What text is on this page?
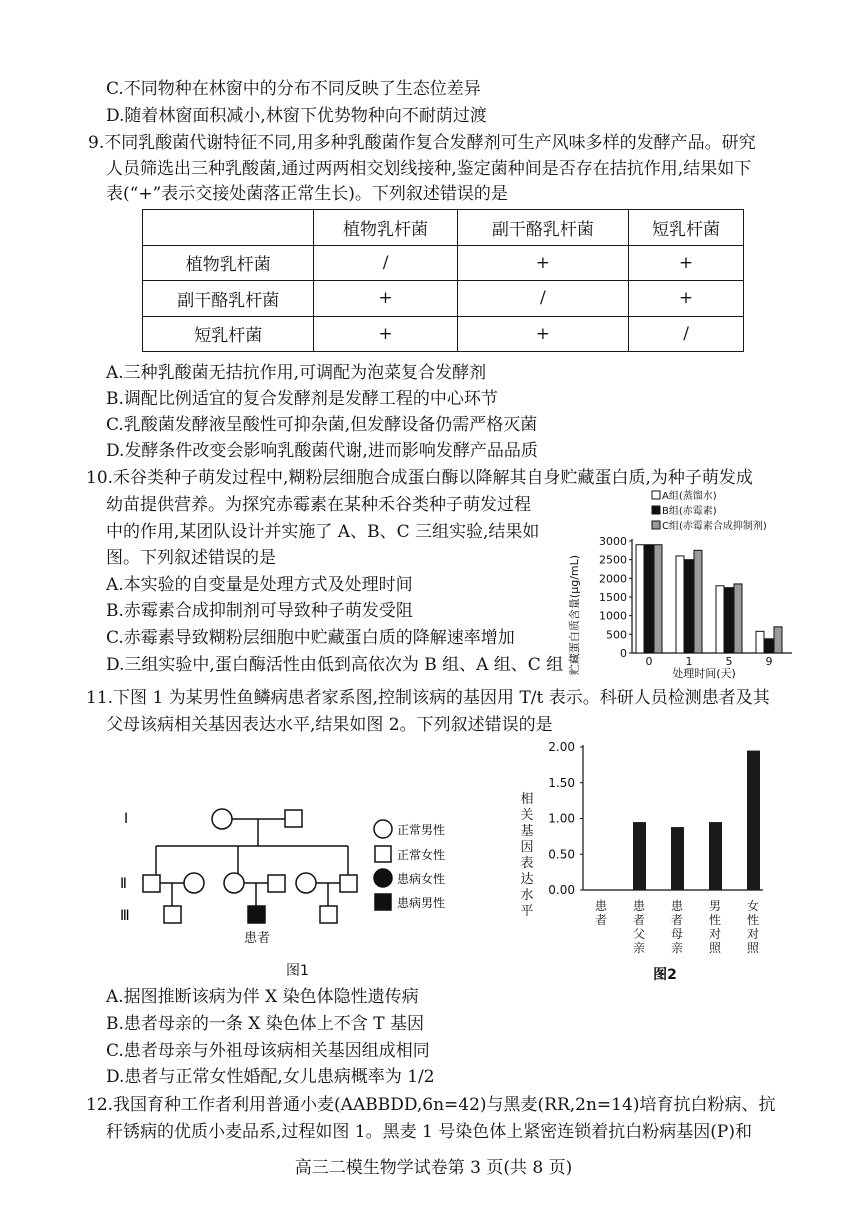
C.不同物种在林窗中的分布不同反映了生态位差异
D.随着林窗面积减小,林窗下优势物种向不耐荫过渡
9.不同乳酸菌代谢特征不同,用多种乳酸菌作复合发酵剂可生产风味多样的发酵产品。研究
人员筛选出三种乳酸菌,通过两两相交划线接种,鉴定菌种间是否存在拮抗作用,结果如下
表(“+”表示交接处菌落正常生长)。下列叙述错误的是
	植物乳杆菌	副干酪乳杆菌	短乳杆菌
植物乳杆菌	/	+	+
副干酪乳杆菌	+	/	+
短乳杆菌	+	+	/
A.三种乳酸菌无拮抗作用,可调配为泡菜复合发酵剂
B.调配比例适宜的复合发酵剂是发酵工程的中心环节
C.乳酸菌发酵液呈酸性可抑杂菌,但发酵设备仍需严格灭菌
D.发酵条件改变会影响乳酸菌代谢,进而影响发酵产品品质
10.禾谷类种子萌发过程中,糊粉层细胞合成蛋白酶以降解其自身贮藏蛋白质,为种子萌发成
幼苗提供营养。为探究赤霉素在某种禾谷类种子萌发过程
中的作用,某团队设计并实施了 A、B、C 三组实验,结果如
图。下列叙述错误的是
A.本实验的自变量是处理方式及处理时间
B.赤霉素合成抑制剂可导致种子萌发受阻
C.赤霉素导致糊粉层细胞中贮藏蛋白质的降解速率增加
D.三组实验中,蛋白酶活性由低到高依次为 B 组、A 组、C 组
A组(蒸馏水)
B组(赤霉素)
C组(赤霉素合成抑制剂)
贮藏蛋白质含量(μg/mL)	0
500
1000
1500
2000
2500
3000
0	1	5	9
处理时间(天)
11.下图 1 为某男性鱼鳞病患者家系图,控制该病的基因用 T/t 表示。科研人员检测患者及其
父母该病相关基因表达水平,结果如图 2。下列叙述错误的是
Ⅰ
Ⅱ
Ⅲ
患者
图1
正常男性
正常女性
患病女性
患病男性
相
关
基
因
表
达
水
平
0.00
0.50
1.00
1.50
2.00
患者
患者父亲
患者母亲
男性对照
女性对照
图2
A.据图推断该病为伴 X 染色体隐性遗传病
B.患者母亲的一条 X 染色体上不含 T 基因
C.患者母亲与外祖母该病相关基因组成相同
D.患者与正常女性婚配,女儿患病概率为 1/2
12.我国育种工作者利用普通小麦(AABBDD,6n=42)与黑麦(RR,2n=14)培育抗白粉病、抗
秆锈病的优质小麦品系,过程如图 1。黑麦 1 号染色体上紧密连锁着抗白粉病基因(P)和
高三二模生物学试卷第 3 页(共 8 页)
